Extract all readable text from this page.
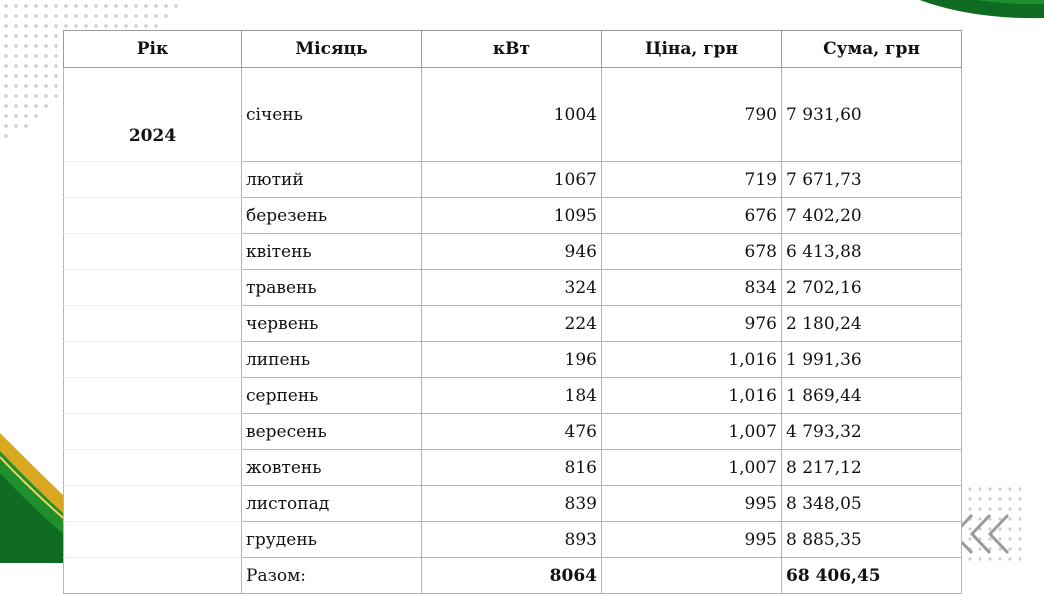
Рік	Місяць	кВт	Ціна, грн	Сума, грн
2024	січень	1004	790	7 931,60
	лютий	1067	719	7 671,73
	березень	1095	676	7 402,20
	квітень	946	678	6 413,88
	травень	324	834	2 702,16
	червень	224	976	2 180,24
	липень	196	1,016	1 991,36
	серпень	184	1,016	1 869,44
	вересень	476	1,007	4 793,32
	жовтень	816	1,007	8 217,12
	листопад	839	995	8 348,05
	грудень	893	995	8 885,35
	Разом:	8064		68 406,45
